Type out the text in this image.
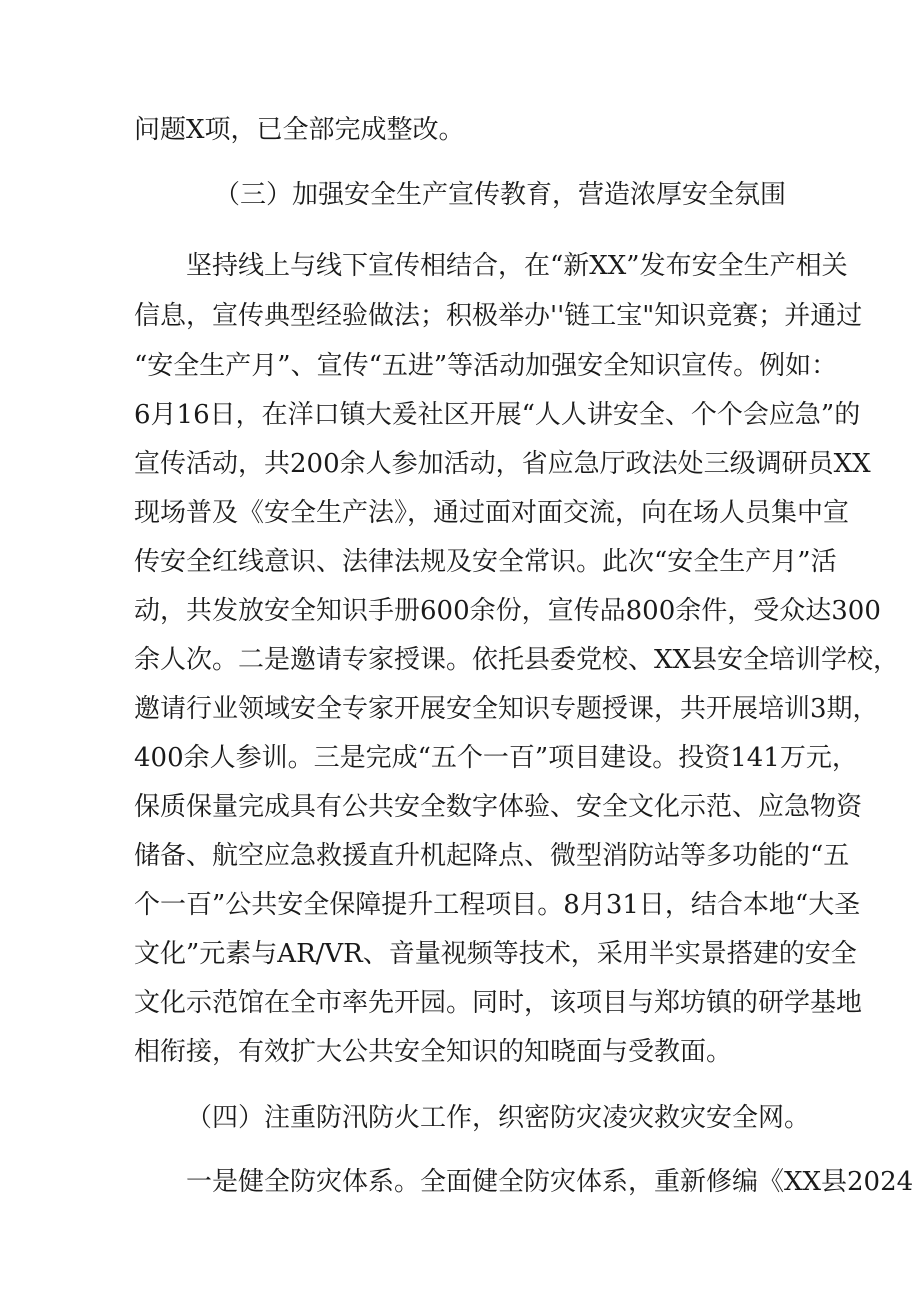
问题X项，已全部完成整改。
（三）加强安全生产宣传教育，营造浓厚安全氛围
坚持线上与线下宣传相结合，在“新XX”发布安全生产相关
信息，宣传典型经验做法；积极举办''链工宝"知识竞赛；并通过
“安全生产月”、宣传“五进”等活动加强安全知识宣传。例如：
6月16日，在洋口镇大爰社区开展“人人讲安全、个个会应急”的
宣传活动，共200余人参加活动，省应急厅政法处三级调研员XX
现场普及《安全生产法》，通过面对面交流，向在场人员集中宣
传安全红线意识、法律法规及安全常识。此次“安全生产月”活
动，共发放安全知识手册600余份，宣传品800余件，受众达300
余人次。二是邀请专家授课。依托县委党校、XX县安全培训学校，
邀请行业领域安全专家开展安全知识专题授课，共开展培训3期，
400余人参训。三是完成“五个一百”项目建设。投资141万元，
保质保量完成具有公共安全数字体验、安全文化示范、应急物资
储备、航空应急救援直升机起降点、微型消防站等多功能的“五
个一百”公共安全保障提升工程项目。8月31日，结合本地“大圣
文化”元素与AR/VR、音量视频等技术，采用半实景搭建的安全
文化示范馆在全市率先开园。同时，该项目与郑坊镇的研学基地
相衔接，有效扩大公共安全知识的知晓面与受教面。
（四）注重防汛防火工作，织密防灾凌灾救灾安全网。
一是健全防灾体系。全面健全防灾体系，重新修编《XX县2024
